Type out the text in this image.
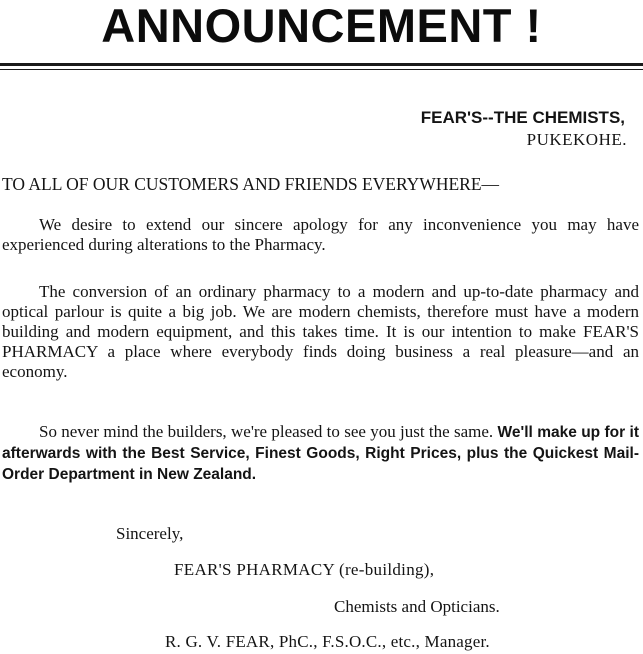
ANNOUNCEMENT !
FEAR'S--THE CHEMISTS,
PUKEKOHE.
TO ALL OF OUR CUSTOMERS AND FRIENDS EVERYWHERE—
We desire to extend our sincere apology for any inconvenience you may have experienced during alterations to the Pharmacy.
The conversion of an ordinary pharmacy to a modern and up-to-date pharmacy and optical parlour is quite a big job. We are modern chemists, therefore must have a modern building and modern equipment, and this takes time. It is our intention to make FEAR'S PHARMACY a place where everybody finds doing business a real pleasure—and an economy.
So never mind the builders, we're pleased to see you just the same. We'll make up for it afterwards with the Best Service, Finest Goods, Right Prices, plus the Quickest Mail-Order Department in New Zealand.
Sincerely,
FEAR'S PHARMACY (re-building),
Chemists and Opticians.
R. G. V. FEAR, PhC., F.S.O.C., etc., Manager.
